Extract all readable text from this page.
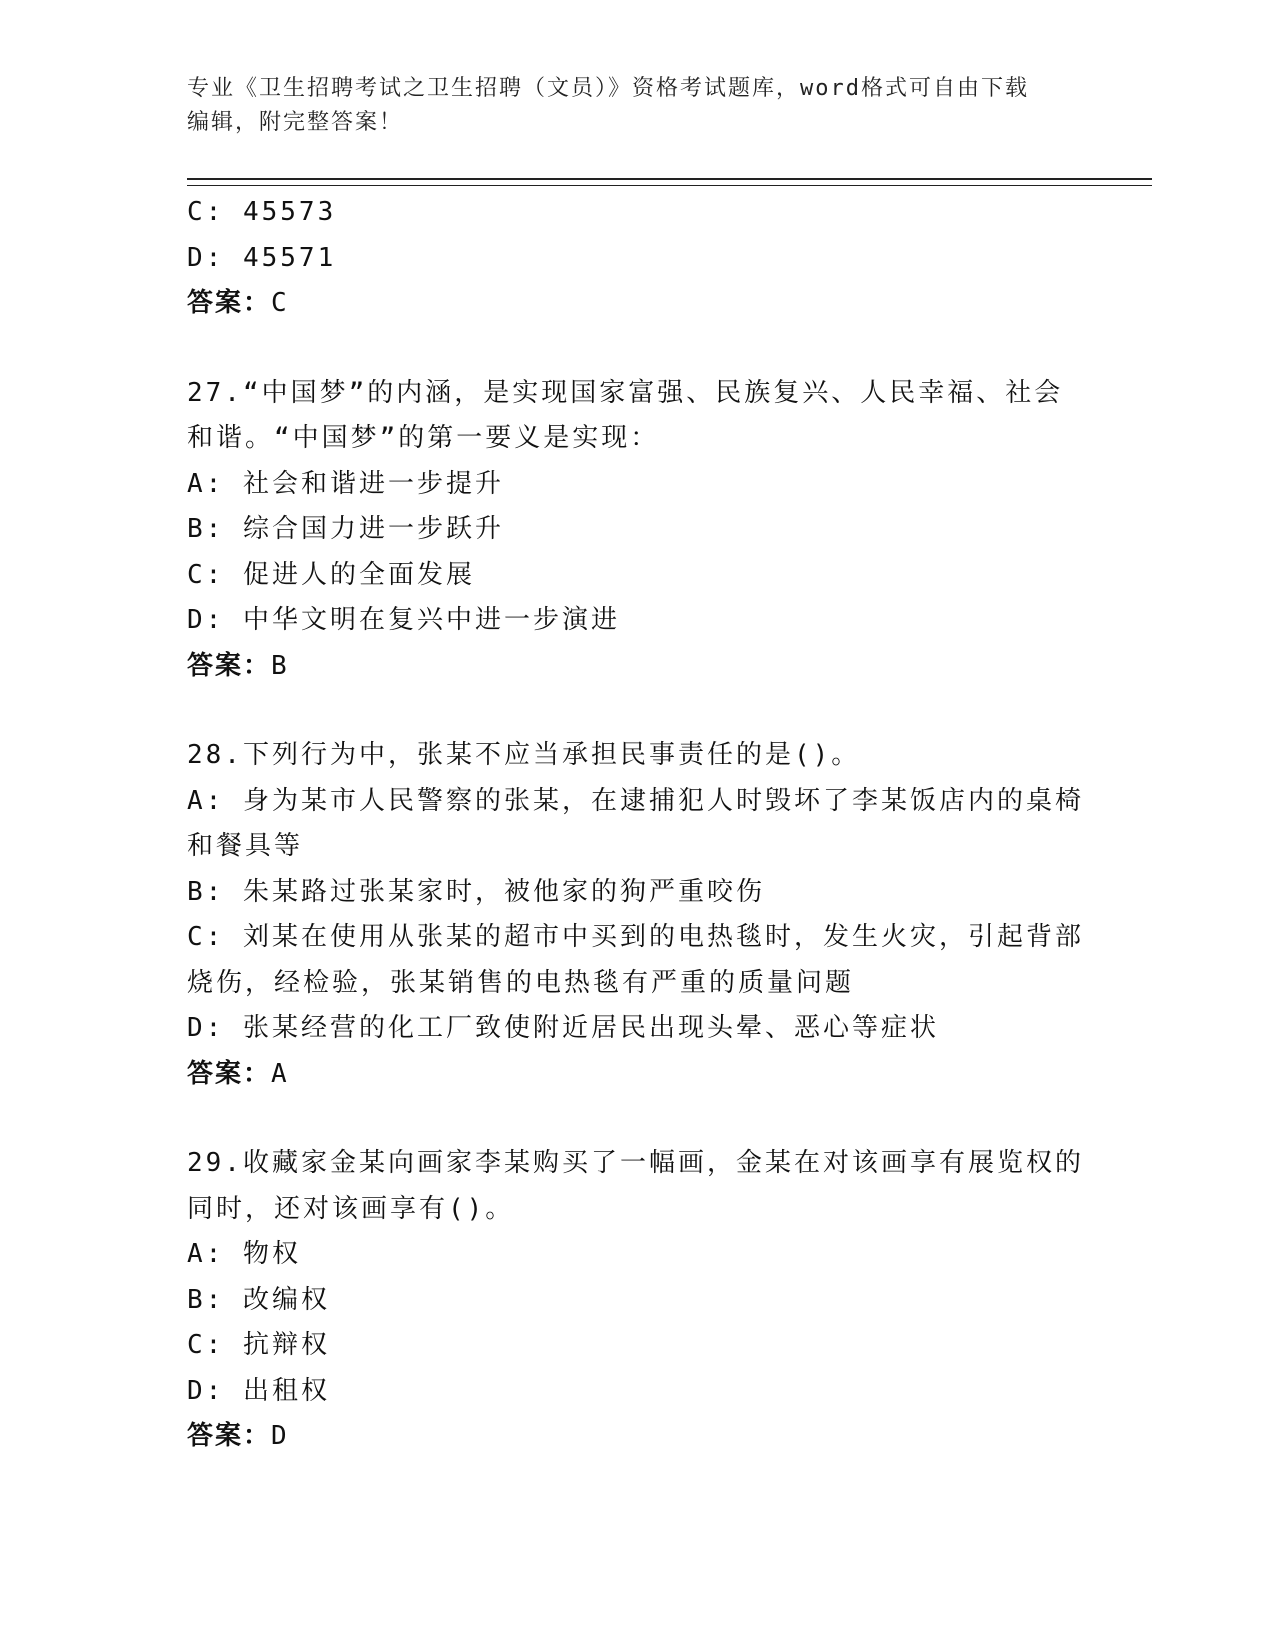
专业《卫生招聘考试之卫生招聘（文员）》资格考试题库，word格式可自由下载
编辑，附完整答案！

C: 45573

D: 45571

答案：C

27.“中国梦”的内涵，是实现国家富强、民族复兴、人民幸福、社会

和谐。“中国梦”的第一要义是实现：

A: 社会和谐进一步提升

B: 综合国力进一步跃升

C: 促进人的全面发展

D: 中华文明在复兴中进一步演进

答案：B

28.下列行为中，张某不应当承担民事责任的是()。

A: 身为某市人民警察的张某，在逮捕犯人时毁坏了李某饭店内的桌椅

和餐具等

B: 朱某路过张某家时，被他家的狗严重咬伤

C: 刘某在使用从张某的超市中买到的电热毯时，发生火灾，引起背部

烧伤，经检验，张某销售的电热毯有严重的质量问题

D: 张某经营的化工厂致使附近居民出现头晕、恶心等症状

答案：A

29.收藏家金某向画家李某购买了一幅画，金某在对该画享有展览权的

同时，还对该画享有()。

A: 物权

B: 改编权

C: 抗辩权

D: 出租权

答案：D
